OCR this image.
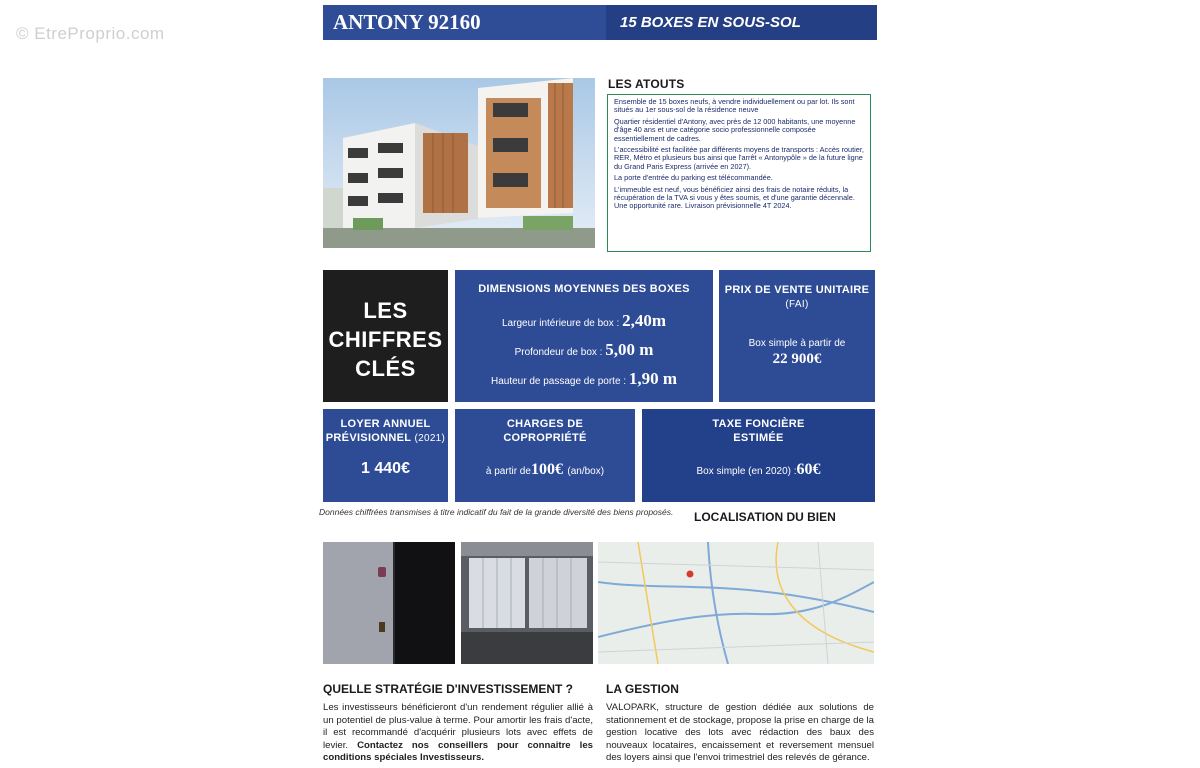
© EtreProprio.com	ANTONY 92160	15 BOXES EN SOUS-SOL
LES ATOUTS

Ensemble de 15 boxes neufs, à vendre individuellement ou par lot. Ils sont situés au 1er sous-sol de la résidence neuve

Quartier résidentiel d'Antony, avec près de 12 000 habitants, une moyenne d'âge 40 ans et une catégorie socio professionnelle composée essentiellement de cadres.

L'accessibilité est facilitée par différents moyens de transports : Accès routier, RER, Métro et plusieurs bus ainsi que l'arrêt « Antonypôle » de la future ligne du Grand Paris Express (arrivée en 2027).

La porte d'entrée du parking est télécommandée.

L'immeuble est neuf, vous bénéficiez ainsi des frais de notaire réduits, la récupération de la TVA si vous y êtes soumis, et d'une garantie décennale. Une opportunité rare. Livraison prévisionnelle 4T 2024.

LES
CHIFFRES
CLÉS
DIMENSIONS MOYENNES DES BOXES
Largeur intérieure de box : 2,40m
Profondeur de box : 5,00 m
Hauteur de passage de porte : 1,90 m
PRIX DE VENTE UNITAIRE (FAI)
Box simple à partir de
22 900€
LOYER ANNUEL
PRÉVISIONNEL (2021)
1 440€
CHARGES DE
COPROPRIÉTÉ
à partir de100€ (an/box)
TAXE FONCIÈRE
ESTIMÉE
Box simple (en 2020) :60€
Données chiffrées transmises à titre indicatif du fait de la grande diversité des biens proposés. LOCALISATION DU BIEN
QUELLE STRATÉGIE D'INVESTISSEMENT ?
Les investisseurs bénéficieront d'un rendement régulier allié à un potentiel de plus-value à terme. Pour amortir les frais d'acte, il est recommandé d'acquérir plusieurs lots avec effets de levier. Contactez nos conseillers pour connaitre les conditions spéciales Investisseurs.
LA GESTION
VALOPARK, structure de gestion dédiée aux solutions de stationnement et de stockage, propose la prise en charge de la gestion locative des lots avec rédaction des baux des nouveaux locataires, encaissement et reversement mensuel des loyers ainsi que l'envoi trimestriel des relevés de gérance.
